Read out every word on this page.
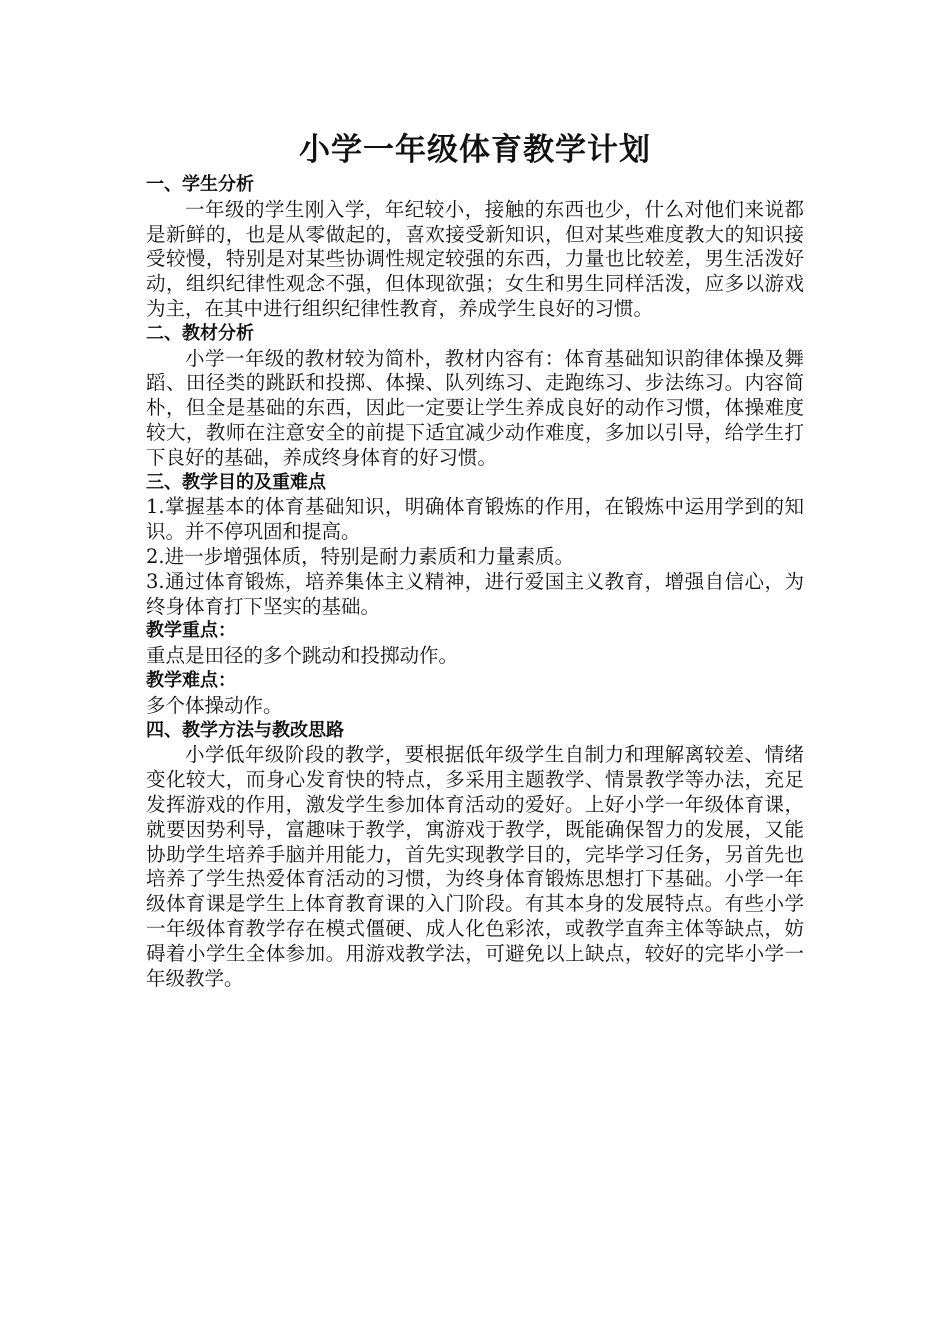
小学一年级体育教学计划

一、学生分析

一年级的学生刚入学，年纪较小，接触的东西也少，什么对他们来说都是新鲜的，也是从零做起的，喜欢接受新知识，但对某些难度教大的知识接受较慢，特别是对某些协调性规定较强的东西，力量也比较差，男生活泼好动，组织纪律性观念不强，但体现欲强；女生和男生同样活泼，应多以游戏为主，在其中进行组织纪律性教育，养成学生良好的习惯。

二、教材分析

小学一年级的教材较为简朴，教材内容有：体育基础知识韵律体操及舞蹈、田径类的跳跃和投掷、体操、队列练习、走跑练习、步法练习。内容简朴，但全是基础的东西，因此一定要让学生养成良好的动作习惯，体操难度较大，教师在注意安全的前提下适宜减少动作难度，多加以引导，给学生打下良好的基础，养成终身体育的好习惯。

三、教学目的及重难点

1.掌握基本的体育基础知识，明确体育锻炼的作用，在锻炼中运用学到的知识。并不停巩固和提高。

2.进一步增强体质，特别是耐力素质和力量素质。

3.通过体育锻炼，培养集体主义精神，进行爱国主义教育，增强自信心，为终身体育打下坚实的基础。

教学重点：

重点是田径的多个跳动和投掷动作。

教学难点：

多个体操动作。

四、教学方法与教改思路

小学低年级阶段的教学，要根据低年级学生自制力和理解离较差、情绪变化较大，而身心发育快的特点，多采用主题教学、情景教学等办法，充足发挥游戏的作用，激发学生参加体育活动的爱好。上好小学一年级体育课，就要因势利导，富趣味于教学，寓游戏于教学，既能确保智力的发展，又能协助学生培养手脑并用能力，首先实现教学目的，完毕学习任务，另首先也培养了学生热爱体育活动的习惯，为终身体育锻炼思想打下基础。小学一年级体育课是学生上体育教育课的入门阶段。有其本身的发展特点。有些小学一年级体育教学存在模式僵硬、成人化色彩浓，或教学直奔主体等缺点，妨碍着小学生全体参加。用游戏教学法，可避免以上缺点，较好的完毕小学一年级教学。
